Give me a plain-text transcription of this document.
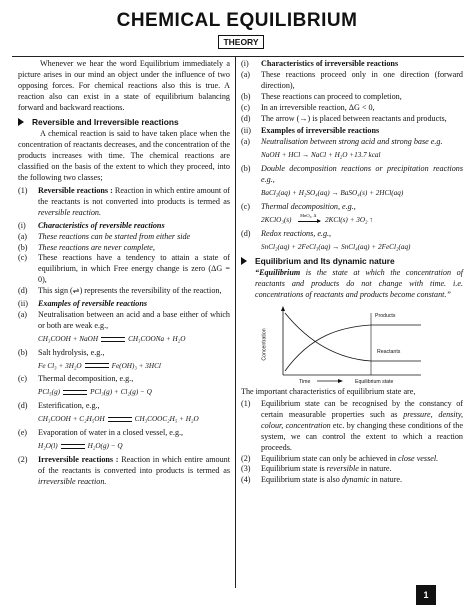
CHEMICAL EQUILIBRIUM
THEORY

Whenever we hear the word Equilibrium immediately a picture arises in our mind an object under the influence of two opposing forces. For chemical reactions also this is true. A reaction also can exist in a state of equilibrium balancing forward and backward reactions.

Reversible and Irreversible reactions

A chemical reaction is said to have taken place when the concentration of reactants decreases, and the concentration of the products increases with time. The chemical reactions are classified on the basis of the extent to which they proceed, into the following two classes;

(1)	Reversible reactions : Reaction in which entire amount of the reactants is not converted into products is termed as reversible reaction.
(i)	Characteristics of reversible reactions
(a)	These reactions can be started from either side
(b)	These reactions are never complete,
(c)	These reactions have a tendency to attain a state of equilibrium, in which Free energy change is zero (ΔG = 0),
(d)	This sign (⇌) represents the reversibility of the reaction,
(ii)	Examples of reversible reactions
(a)	Neutralisation between an acid and a base either of which or both are weak e.g.,
CH₃COOH + NaOH	CH₃COONa + H₂O
(b)	Salt hydrolysis, e.g.,
Fe Cl₃ + 3H₂O	Fe(OH)₃ + 3HCl
(c)	Thermal decomposition, e.g.,
PCl₅(g)	PCl₃(g) + Cl₂(g) − Q
(d)	Esterification, e.g.,
CH₃COOH + C₂H₅OH	CH₃COOC₂H₅ + H₂O
(e)	Evaporation of water in a closed vessel, e.g.,
H₂O(l)	H₂O(g) − Q
(2)	Irreversible reactions : Reaction in which entire amount of the reactants is converted into products is termed as irreversible reaction.
(i)	Characteristics of irreversible reactions
(a)	These reactions proceed only in one direction (forward direction),
(b)	These reactions can proceed to completion,
(c)	In an irreversible reaction, ΔG < 0,
(d)	The arrow (→) is placed between reactants and products,
(ii)	Examples of irreversible reactions
(a)	Neutralisation between strong acid and strong base e.g.
NaOH + HCl → NaCl + H₂O +13.7 kcal
(b)	Double decomposition reactions or precipitation reactions e.g.,
BaCl₂(aq) + H₂SO₄(aq) → BaSO₄(s) + 2HCl(aq)
(c)	Thermal decomposition, e.g.,
2KClO₃(s)
MnO₂, Δ
2KCl(s) + 3O₂ ↑
(d)	Redox reactions, e.g.,
SnCl₂(aq) + 2FeCl₃(aq) → SnCl₄(aq) + 2FeCl₂(aq)
Equilibrium and Its dynamic nature

“Equilibrium is the state at which the concentration of reactants and products do not change with time. i.e. concentrations of reactants and products become constant.”

Products
Reactants
Concentration
Time	Equilibrium state

The important characteristics of equilibrium state are,

(1)	Equilibrium state can be recognised by the constancy of certain measurable properties such as pressure, density, colour, concentration etc. by changing these conditions of the system, we can control the extent to which a reaction proceeds.
(2)	Equilibrium state can only be achieved in close vessel.
(3)	Equilibrium state is reversible in nature.
(4)	Equilibrium state is also dynamic in nature.
1
